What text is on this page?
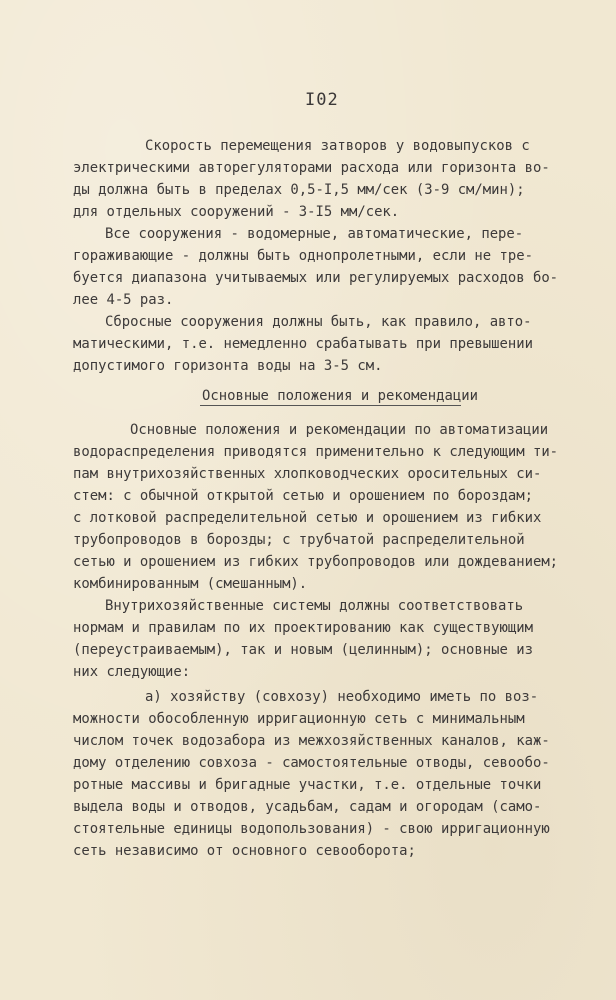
I02
Скорость перемещения затворов у водовыпусков с
электрическими авторегуляторами расхода или горизонта во-
ды должна быть в пределах 0,5-I,5 мм/сек (3-9 см/мин);
для отдельных сооружений - 3-I5 мм/сек.
Все сооружения - водомерные, автоматические, пере-
гораживающие - должны быть однопролетными, если не тре-
буется диапазона учитываемых или регулируемых расходов бо-
лее 4-5 раз.
Сбросные сооружения должны быть, как правило, авто-
матическими, т.е. немедленно срабатывать при превышении
допустимого горизонта воды на 3-5 см.
Основные положения и рекомендации
Основные положения и рекомендации по автоматизации
водораспределения приводятся применительно к следующим ти-
пам внутрихозяйственных хлопководческих оросительных си-
стем: с обычной открытой сетью и орошением по бороздам;
с лотковой распределительной сетью и орошением из гибких
трубопроводов в борозды; с трубчатой распределительной
сетью и орошением из гибких трубопроводов или дождеванием;
комбинированным (смешанным).
Внутрихозяйственные системы должны соответствовать
нормам и правилам по их проектированию как существующим
(переустраиваемым), так и новым (целинным); основные из
них следующие:
а) хозяйству (совхозу) необходимо иметь по воз-
можности обособленную ирригационную сеть с минимальным
числом точек водозабора из межхозяйственных каналов, каж-
дому отделению совхоза - самостоятельные отводы, севообо-
ротные массивы и бригадные участки, т.е. отдельные точки
выдела воды и отводов, усадьбам, садам и огородам (само-
стоятельные единицы водопользования) - свою ирригационную
сеть независимо от основного севооборота;
